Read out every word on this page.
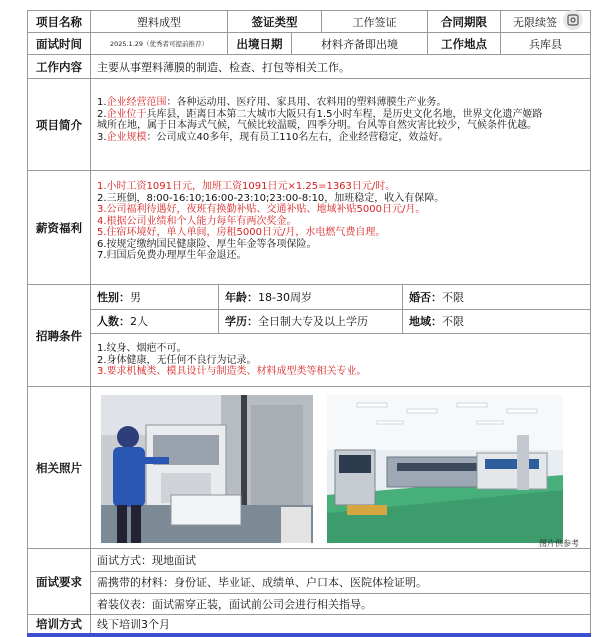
项目名称	塑料成型	签证类型	工作签证	合同期限	无限续签
面试时间	2025.1.29（优秀者可提前推荐）	出境日期	材料齐备即出境	工作地点	兵库县
工作内容	主要从事塑料薄膜的制造、检查、打包等相关工作。
项目简介
1.企业经营范围：各种运动用、医疗用、家具用、农料用的塑料薄膜生产业务。
2.企业位于兵库县，距离日本第二大城市大阪只有1.5小时车程，是历史文化名地，世界文化遗产姬路
城所在地，属于日本海式气候，气候比较温暖，四季分明。台风等自然灾害比较少，气候条件优越。
3.企业规模：公司成立40多年，现有员工110名左右，企业经营稳定，效益好。
薪资福利
1.小时工资1091日元，加班工资1091日元×1.25=1363日元/时。
2.三班倒，8:00-16:10;16:00-23:10;23:00-8:10，加班稳定，收入有保障。
3.公司福利待遇好，夜班有换勤补贴、交通补贴、地域补贴5000日元/月。
4.根据公司业绩和个人能力每年有两次奖金。
5.住宿环境好，单人单间，房租5000日元/月，水电燃气费自理。
6.按规定缴纳国民健康险、厚生年金等各项保险。
7.归国后免费办理厚生年金退还。
招聘条件
性别： 男	年龄： 18-30周岁	婚否： 不限
人数： 2人	学历： 全日制大专及以上学历	地域： 不限
1.纹身、烟疤不可。
2.身体健康，无任何不良行为记录。
3.要求机械类、模具设计与制造类、材料成型类等相关专业。
相关照片
图片供参考
面试要求
面试方式：现地面试
需携带的材料：身份证、毕业证、成绩单、户口本、医院体检证明。
着装仪表：面试需穿正装，面试前公司会进行相关指导。
培训方式	线下培训3个月
